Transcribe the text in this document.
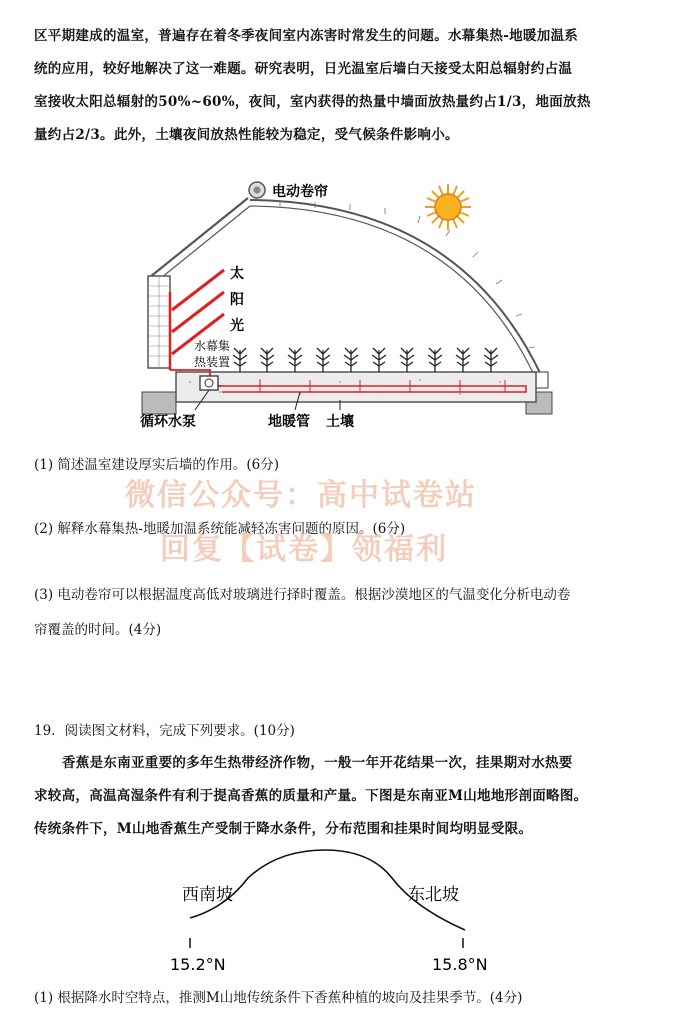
区平期建成的温室，普遍存在着冬季夜间室内冻害时常发生的问题。水幕集热-地暖加温系
统的应用，较好地解决了这一难题。研究表明，日光温室后墙白天接受太阳总辐射约占温
室接收太阳总辐射的50%~60%，夜间，室内获得的热量中墙面放热量约占1/3，地面放热
量约占2/3。此外，土壤夜间放热性能较为稳定，受气候条件影响小。
电动卷帘
太
阳
光
水幕集
热装置
循环水泵	地暖管 土壤
(1) 简述温室建设厚实后墙的作用。(6分)
(2) 解释水幕集热-地暖加温系统能减轻冻害问题的原因。(6分)
(3) 电动卷帘可以根据温度高低对玻璃进行择时覆盖。根据沙漠地区的气温变化分析电动卷
帘覆盖的时间。(4分)
微信公众号：高中试卷站
回复【试卷】领福利
19．阅读图文材料，完成下列要求。(10分)
香蕉是东南亚重要的多年生热带经济作物，一般一年开花结果一次，挂果期对水热要
求较高，高温高湿条件有利于提高香蕉的质量和产量。下图是东南亚M山地地形剖面略图。
传统条件下，M山地香蕉生产受制于降水条件，分布范围和挂果时间均明显受限。
西南坡	东北坡
15.2°N	15.8°N
(1) 根据降水时空特点，推测M山地传统条件下香蕉种植的坡向及挂果季节。(4分)
